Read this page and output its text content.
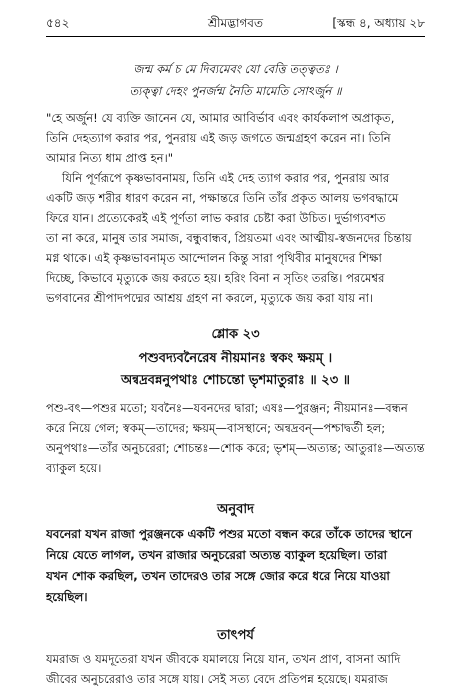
৫৪২	শ্রীমদ্ভাগবত	[স্কন্ধ ৪, অধ্যায় ২৮
জন্ম কর্ম চ মে দিব্যমেবং যো বেত্তি তত্ত্বতঃ ।
ত্যক্ত্বা দেহং পুনর্জন্ম নৈতি মামেতি সোঽর্জুন ॥
"হে অর্জুন! যে ব্যক্তি জানেন যে, আমার আবির্ভাব এবং কার্যকলাপ অপ্রাকৃত,
তিনি দেহত্যাগ করার পর, পুনরায় এই জড় জগতে জন্মগ্রহণ করেন না। তিনি
আমার নিত্য ধাম প্রাপ্ত হন।"
যিনি পূর্ণরূপে কৃষ্ণভাবনাময়, তিনি এই দেহ ত্যাগ করার পর, পুনরায় আর
একটি জড় শরীর ধারণ করেন না, পক্ষান্তরে তিনি তাঁর প্রকৃত আলয় ভগবদ্ধামে
ফিরে যান। প্রত্যেকেরই এই পূর্ণতা লাভ করার চেষ্টা করা উচিত। দুর্ভাগ্যবশত
তা না করে, মানুষ তার সমাজ, বন্ধুবান্ধব, প্রিয়তমা এবং আত্মীয়-স্বজনদের চিন্তায়
মগ্ন থাকে। এই কৃষ্ণভাবনামৃত আন্দোলন কিন্তু সারা পৃথিবীর মানুষদের শিক্ষা
দিচ্ছে, কিভাবে মৃত্যুকে জয় করতে হয়। হরিং বিনা ন সৃতিং তরন্তি। পরমেশ্বর
ভগবানের শ্রীপাদপদ্মের আশ্রয় গ্রহণ না করলে, মৃত্যুকে জয় করা যায় না।
শ্লোক ২৩
পশুবদ্যবনৈরেষ নীয়মানঃ স্বকং ক্ষয়ম্ ।
অন্বদ্রবন্ননুপথাঃ শোচন্তো ভৃশমাতুরাঃ ॥ ২৩ ॥
পশু-বৎ—পশুর মতো; যবনৈঃ—যবনদের দ্বারা; এষঃ—পুরঞ্জন; নীয়মানঃ—বন্ধন
করে নিয়ে গেল; স্বকম্—তাদের; ক্ষয়ম্—বাসস্থানে; অন্বদ্রবন্—পশ্চাদ্বর্তী হল;
অনুপথাঃ—তাঁর অনুচরেরা; শোচন্তঃ—শোক করে; ভৃশম্—অত্যন্ত; আতুরাঃ—অত্যন্ত
ব্যাকুল হয়ে।
অনুবাদ
যবনেরা যখন রাজা পুরঞ্জনকে একটি পশুর মতো বন্ধন করে তাঁকে তাদের স্থানে
নিয়ে যেতে লাগল, তখন রাজার অনুচরেরা অত্যন্ত ব্যাকুল হয়েছিল। তারা
যখন শোক করছিল, তখন তাদেরও তার সঙ্গে জোর করে ধরে নিয়ে যাওয়া
হয়েছিল।
তাৎপর্য
যমরাজ ও যমদূতেরা যখন জীবকে যমালয়ে নিয়ে যান, তখন প্রাণ, বাসনা আদি
জীবের অনুচরেরাও তার সঙ্গে যায়। সেই সত্য বেদে প্রতিপন্ন হয়েছে। যমরাজ
